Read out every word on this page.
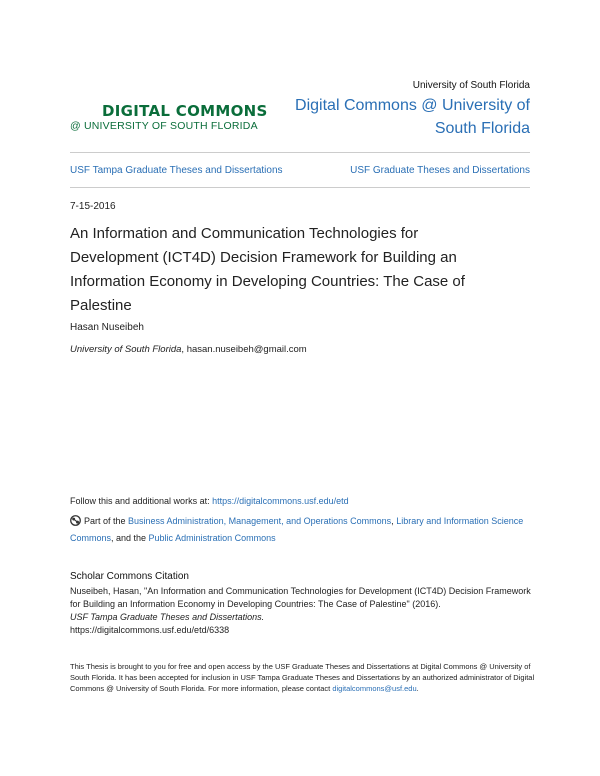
University of South Florida
DIGITAL COMMONS
@ UNIVERSITY OF SOUTH FLORIDA
Digital Commons @ University of
South Florida
USF Tampa Graduate Theses and Dissertations	USF Graduate Theses and Dissertations
7-15-2016
An Information and Communication Technologies for
Development (ICT4D) Decision Framework for Building an
Information Economy in Developing Countries: The Case of
Palestine
Hasan Nuseibeh
University of South Florida, hasan.nuseibeh@gmail.com
Follow this and additional works at: https://digitalcommons.usf.edu/etd
Part of the Business Administration, Management, and Operations Commons, Library and Information Science Commons, and the Public Administration Commons
Scholar Commons Citation
Nuseibeh, Hasan, "An Information and Communication Technologies for Development (ICT4D) Decision Framework for Building an Information Economy in Developing Countries: The Case of Palestine" (2016).
USF Tampa Graduate Theses and Dissertations.
https://digitalcommons.usf.edu/etd/6338
This Thesis is brought to you for free and open access by the USF Graduate Theses and Dissertations at Digital Commons @ University of South Florida. It has been accepted for inclusion in USF Tampa Graduate Theses and Dissertations by an authorized administrator of Digital Commons @ University of South Florida. For more information, please contact digitalcommons@usf.edu.
